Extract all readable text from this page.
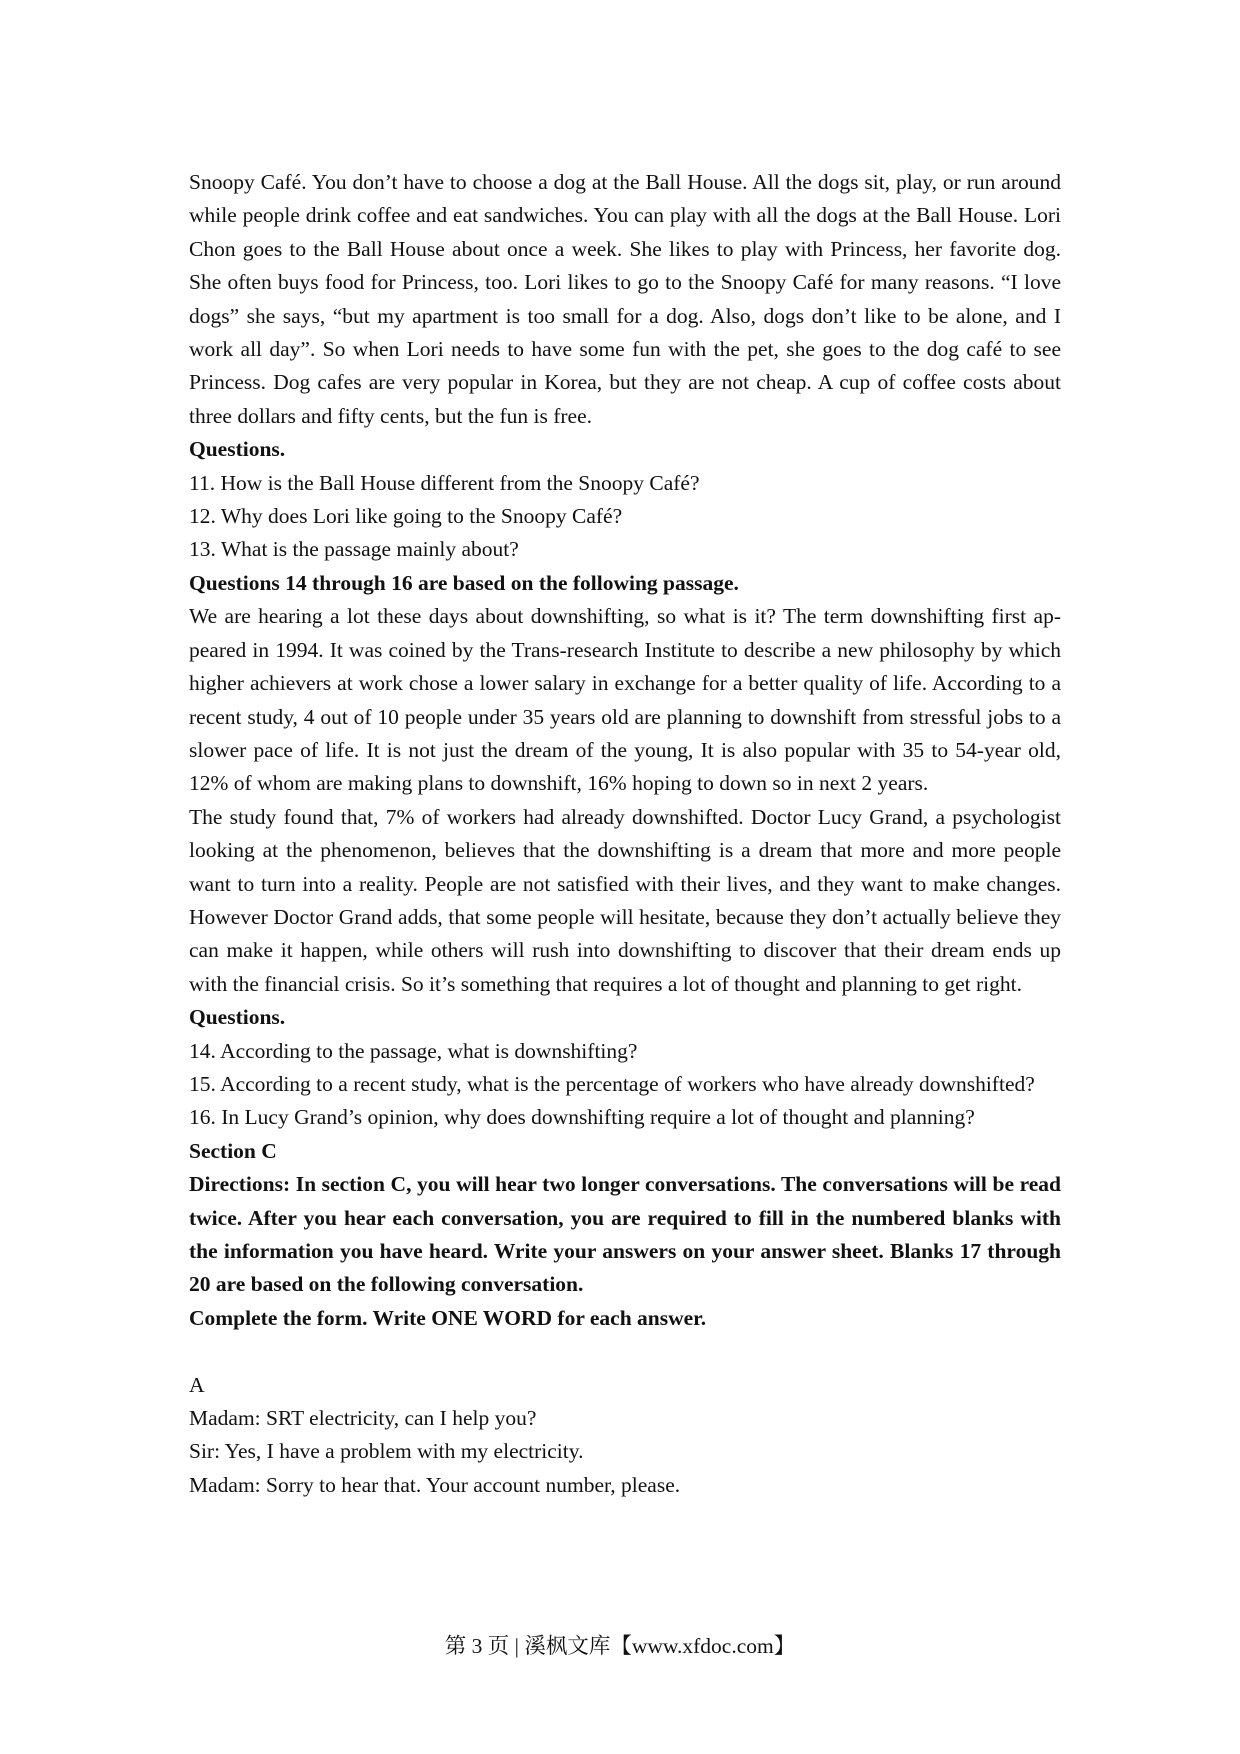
Snoopy Café. You don’t have to choose a dog at the Ball House. All the dogs sit, play, or run around while people drink coffee and eat sandwiches. You can play with all the dogs at the Ball House. Lori Chon goes to the Ball House about once a week. She likes to play with Princess, her favorite dog. She often buys food for Princess, too. Lori likes to go to the Snoopy Café for many reasons. “I love dogs” she says, “but my apartment is too small for a dog. Also, dogs don’t like to be alone, and I work all day”. So when Lori needs to have some fun with the pet, she goes to the dog café to see Princess. Dog cafes are very popular in Korea, but they are not cheap. A cup of coffee costs about three dollars and fifty cents, but the fun is free.

Questions.

11. How is the Ball House different from the Snoopy Café?

12. Why does Lori like going to the Snoopy Café?

13. What is the passage mainly about?

Questions 14 through 16 are based on the following passage.

We are hearing a lot these days about downshifting, so what is it? The term downshifting first appeared in 1994. It was coined by the Trans-research Institute to describe a new philosophy by which higher achievers at work chose a lower salary in exchange for a better quality of life. According to a recent study, 4 out of 10 people under 35 years old are planning to downshift from stressful jobs to a slower pace of life. It is not just the dream of the young, It is also popular with 35 to 54-year old, 12% of whom are making plans to downshift, 16% hoping to down so in next 2 years.

The study found that, 7% of workers had already downshifted. Doctor Lucy Grand, a psychologist looking at the phenomenon, believes that the downshifting is a dream that more and more people want to turn into a reality. People are not satisfied with their lives, and they want to make changes. However Doctor Grand adds, that some people will hesitate, because they don’t actually believe they can make it happen, while others will rush into downshifting to discover that their dream ends up with the financial crisis. So it’s something that requires a lot of thought and planning to get right.

Questions.

14. According to the passage, what is downshifting?

15. According to a recent study, what is the percentage of workers who have already downshifted?

16. In Lucy Grand’s opinion, why does downshifting require a lot of thought and planning?

Section C

Directions: In section C, you will hear two longer conversations. The conversations will be read twice. After you hear each conversation, you are required to fill in the numbered blanks with the information you have heard. Write your answers on your answer sheet. Blanks 17 through 20 are based on the following conversation.

Complete the form. Write ONE WORD for each answer.

A

Madam: SRT electricity, can I help you?

Sir: Yes, I have a problem with my electricity.

Madam: Sorry to hear that. Your account number, please.

第 3 页 | 溪枫文库【www.xfdoc.com】
